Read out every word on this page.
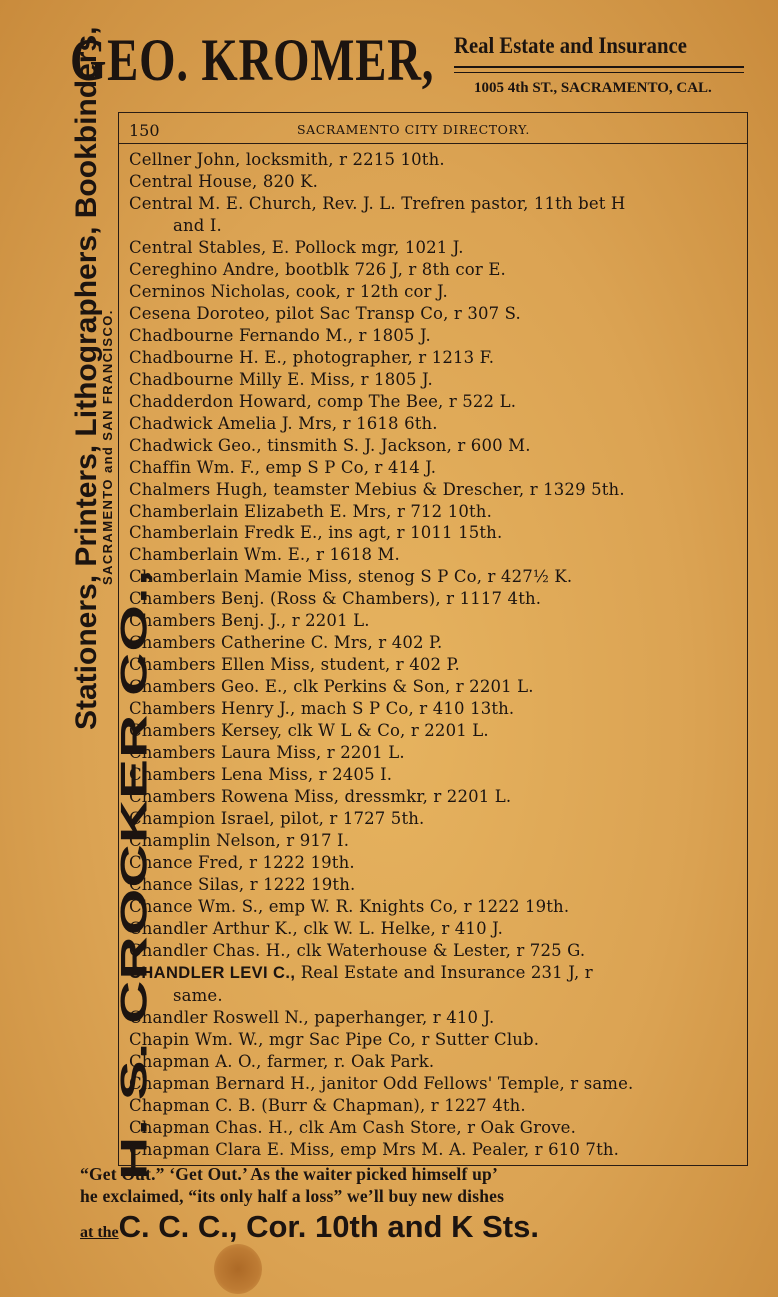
GEO. KROMER, Real Estate and Insurance
1005 4th ST., SACRAMENTO, CAL.
H. S. CROCKER CO.,
Stationers, Printers, Lithographers, Bookbinders,
SACRAMENTO and SAN FRANCISCO.
150	SACRAMENTO CITY DIRECTORY.
Cellner John, locksmith, r 2215 10th.
Central House, 820 K.
Central M. E. Church, Rev. J. L. Trefren pastor, 11th bet H
and I.
Central Stables, E. Pollock mgr, 1021 J.
Cereghino Andre, bootblk 726 J, r 8th cor E.
Cerninos Nicholas, cook, r 12th cor J.
Cesena Doroteo, pilot Sac Transp Co, r 307 S.
Chadbourne Fernando M., r 1805 J.
Chadbourne H. E., photographer, r 1213 F.
Chadbourne Milly E. Miss, r 1805 J.
Chadderdon Howard, comp The Bee, r 522 L.
Chadwick Amelia J. Mrs, r 1618 6th.
Chadwick Geo., tinsmith S. J. Jackson, r 600 M.
Chaffin Wm. F., emp S P Co, r 414 J.
Chalmers Hugh, teamster Mebius & Drescher, r 1329 5th.
Chamberlain Elizabeth E. Mrs, r 712 10th.
Chamberlain Fredk E., ins agt, r 1011 15th.
Chamberlain Wm. E., r 1618 M.
Chamberlain Mamie Miss, stenog S P Co, r 427½ K.
Chambers Benj. (Ross & Chambers), r 1117 4th.
Chambers Benj. J., r 2201 L.
Chambers Catherine C. Mrs, r 402 P.
Chambers Ellen Miss, student, r 402 P.
Chambers Geo. E., clk Perkins & Son, r 2201 L.
Chambers Henry J., mach S P Co, r 410 13th.
Chambers Kersey, clk W L & Co, r 2201 L.
Chambers Laura Miss, r 2201 L.
Chambers Lena Miss, r 2405 I.
Chambers Rowena Miss, dressmkr, r 2201 L.
Champion Israel, pilot, r 1727 5th.
Champlin Nelson, r 917 I.
Chance Fred, r 1222 19th.
Chance Silas, r 1222 19th.
Chance Wm. S., emp W. R. Knights Co, r 1222 19th.
Chandler Arthur K., clk W. L. Helke, r 410 J.
Chandler Chas. H., clk Waterhouse & Lester, r 725 G.
CHANDLER LEVI C., Real Estate and Insurance 231 J, r
same.
Chandler Roswell N., paperhanger, r 410 J.
Chapin Wm. W., mgr Sac Pipe Co, r Sutter Club.
Chapman A. O., farmer, r. Oak Park.
Chapman Bernard H., janitor Odd Fellows' Temple, r same.
Chapman C. B. (Burr & Chapman), r 1227 4th.
Chapman Chas. H., clk Am Cash Store, r Oak Grove.
Chapman Clara E. Miss, emp Mrs M. A. Pealer, r 610 7th.
“Get Out.” ‘Get Out.’ As the waiter picked himself up’
he exclaimed, “its only half a loss” we’ll buy new dishes
at theC. C. C., Cor. 10th and K Sts.
